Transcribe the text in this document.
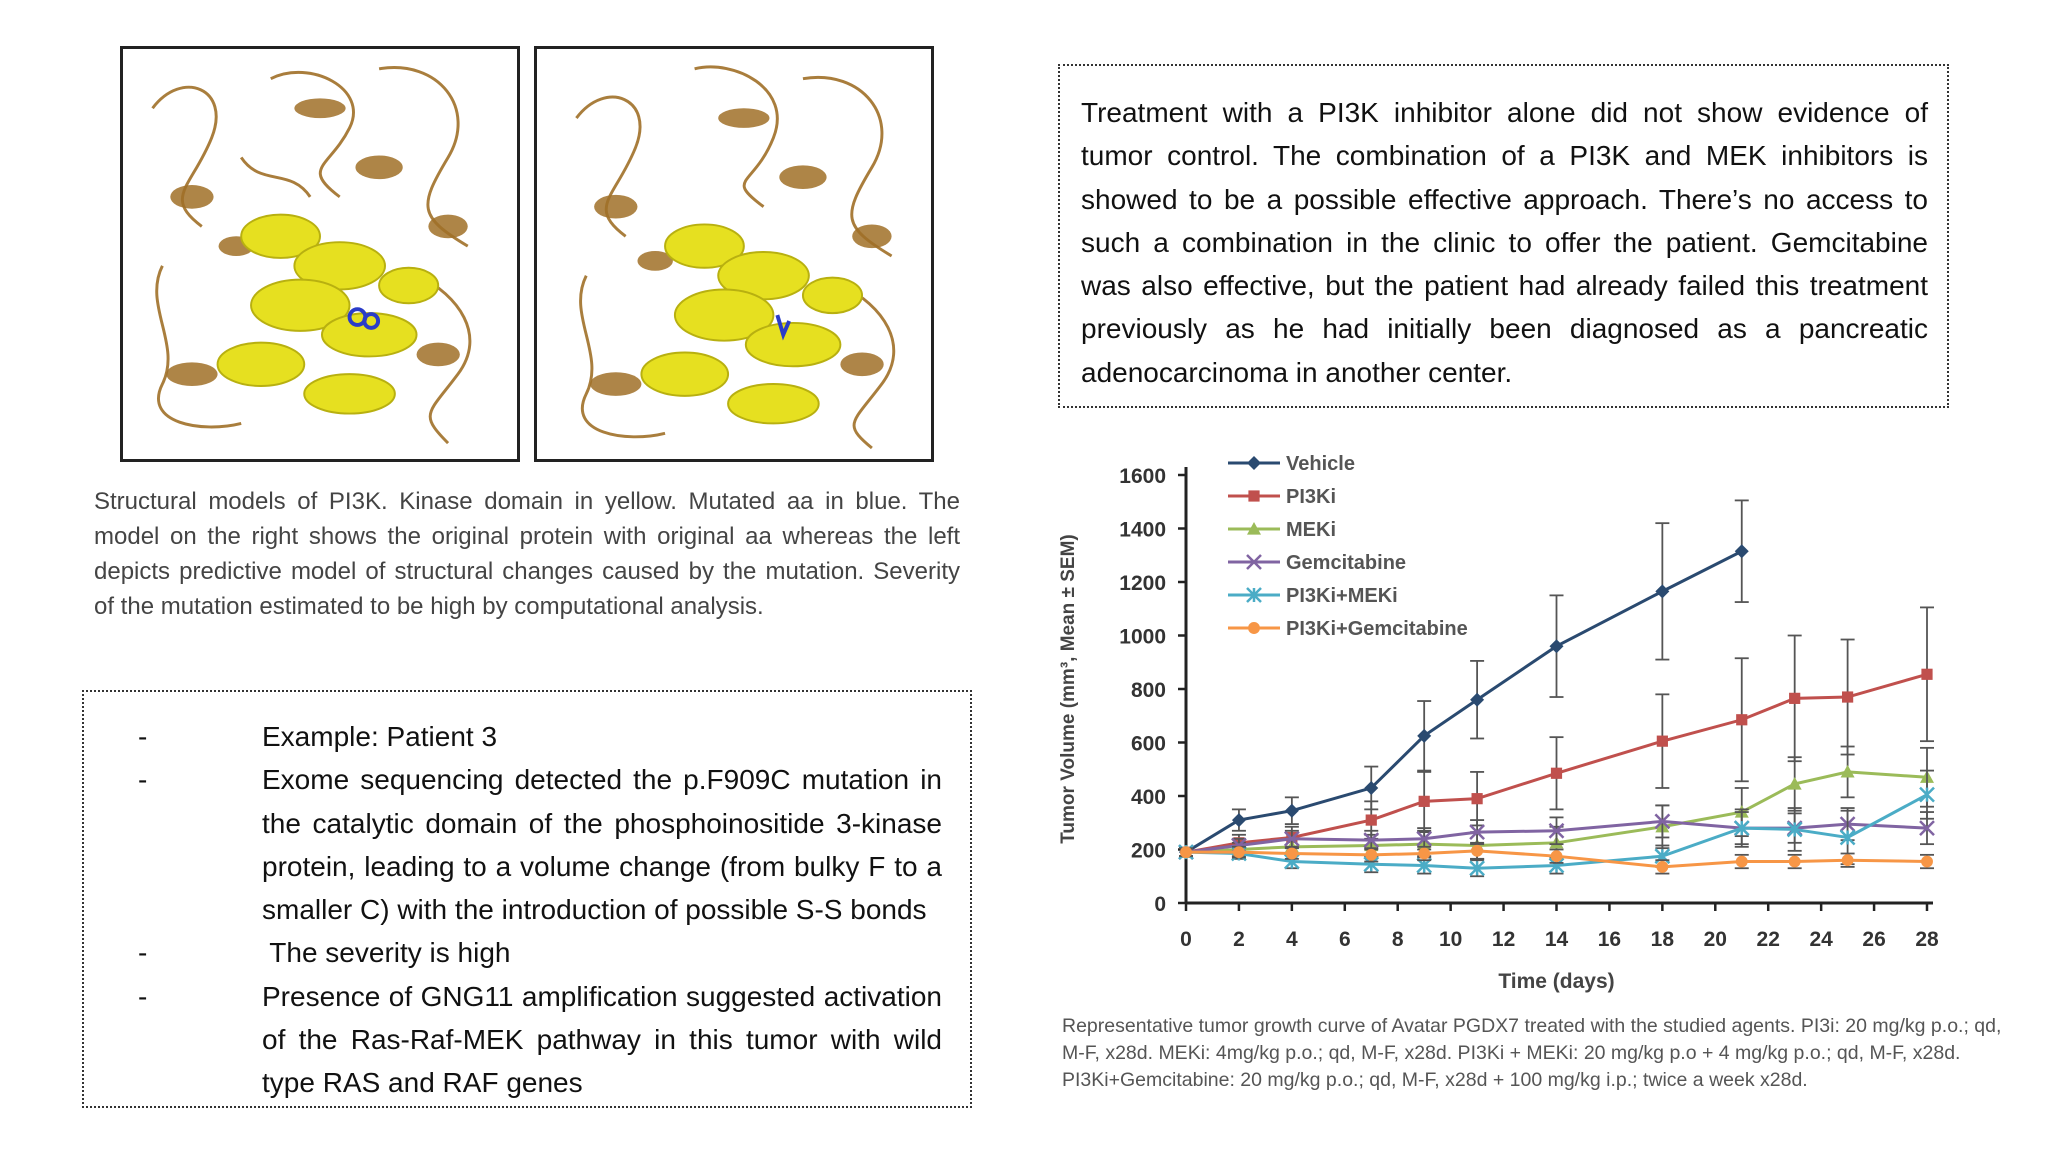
Structural models of PI3K. Kinase domain in yellow. Mutated aa in blue. The model on the right shows the original protein with original aa whereas the left depicts predictive model of structural changes caused by the mutation. Severity of the mutation estimated to be high by computational analysis.
Treatment with a PI3K inhibitor alone did not show evidence of tumor control. The combination of a PI3K and MEK inhibitors is showed to be a possible effective approach. There’s no access to such a combination in the clinic to offer the patient. Gemcitabine was also effective, but the patient had already failed this treatment previously as he had initially been diagnosed as a pancreatic adenocarcinoma in another center.
-	Example: Patient 3
-	Exome sequencing detected the p.F909C mutation in the catalytic domain of the phosphoinositide 3-kinase protein, leading to a volume change (from bulky F to a smaller C) with the introduction of possible S-S bonds
-	The severity is high
-	Presence of GNG11 amplification suggested activation of the Ras-Raf-MEK pathway in this tumor with wild type RAS and RAF genes
0
200
400
600
800
1000
1200
1400
1600
0 2 4 6 8 10 12 14 16 18 20 22 24 26 28
Time (days)
Tumor Volume (mm³, Mean ± SEM)
Vehicle
PI3Ki
MEKi
Gemcitabine
PI3Ki+MEKi
PI3Ki+Gemcitabine
Representative tumor growth curve of Avatar PGDX7 treated with the studied agents. PI3i: 20 mg/kg p.o.; qd, M-F, x28d. MEKi: 4mg/kg p.o.; qd, M-F, x28d. PI3Ki + MEKi: 20 mg/kg p.o + 4 mg/kg p.o.; qd, M-F, x28d. PI3Ki+Gemcitabine: 20 mg/kg p.o.; qd, M-F, x28d + 100 mg/kg i.p.; twice a week x28d.
